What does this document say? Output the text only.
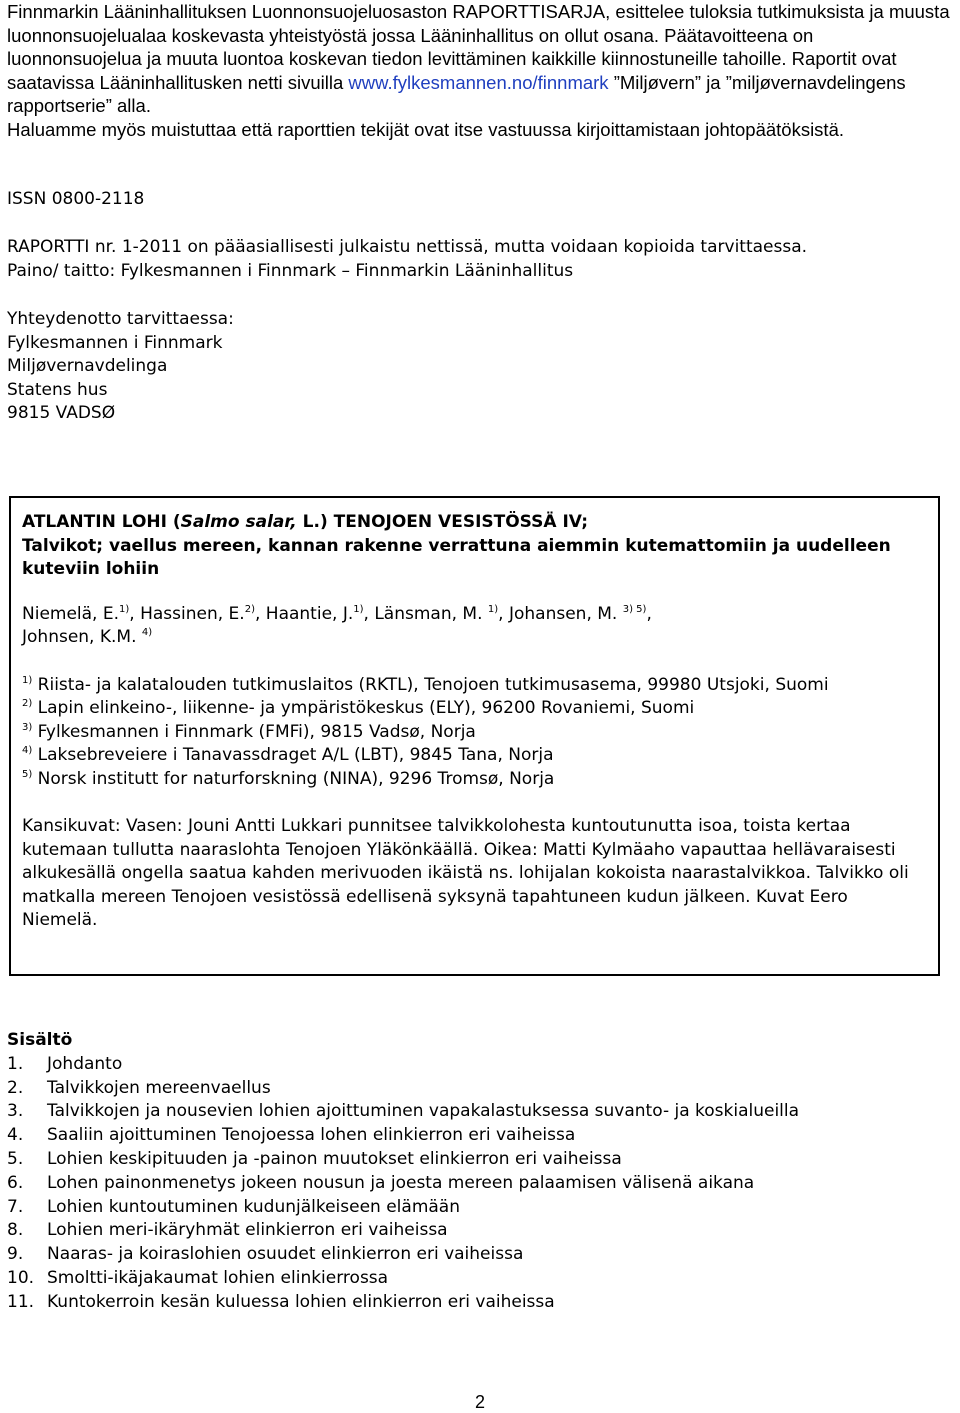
Finnmarkin Lääninhallituksen Luonnonsuojeluosaston RAPORTTISARJA, esittelee tuloksia tutkimuksista ja muusta luonnonsuojelualaa koskevasta yhteistyöstä jossa Lääninhallitus on ollut osana. Päätavoitteena on luonnonsuojelua ja muuta luontoa koskevan tiedon levittäminen kaikkille kiinnostuneille tahoille. Raportit ovat saatavissa Lääninhallitusken netti sivuilla www.fylkesmannen.no/finnmark ”Miljøvern” ja ”miljøvernavdelingens rapportserie” alla.

Haluamme myös muistuttaa että raporttien tekijät ovat itse vastuussa kirjoittamistaan johtopäätöksistä.

ISSN 0800-2118

RAPORTTI nr. 1-2011 on pääasiallisesti julkaistu nettissä, mutta voidaan kopioida tarvittaessa.

Paino/ taitto: Fylkesmannen i Finnmark – Finnmarkin Lääninhallitus

Yhteydenotto tarvittaessa:

Fylkesmannen i Finnmark

Miljøvernavdelinga

Statens hus

9815 VADSØ

ATLANTIN LOHI (Salmo salar, L.) TENOJOEN VESISTÖSSÄ IV;

Talvikot; vaellus mereen, kannan rakenne verrattuna aiemmin kutemattomiin ja uudelleen kuteviin lohiin

Niemelä, E.$^{1)}$, Hassinen, E.$^{2)}$, Haantie, J.$^{1)}$, Länsman, M. $^{1)}$, Johansen, M. $^{3) 5)}$,
Johnsen, K.M. $^{4)}$

$^{1)}$ Riista- ja kalatalouden tutkimuslaitos (RKTL), Tenojoen tutkimusasema, 99980 Utsjoki, Suomi

$^{2)}$ Lapin elinkeino-, liikenne- ja ympäristökeskus (ELY), 96200 Rovaniemi, Suomi

$^{3)}$ Fylkesmannen i Finnmark (FMFi), 9815 Vadsø, Norja

$^{4)}$ Laksebreveiere i Tanavassdraget A/L (LBT), 9845 Tana, Norja

$^{5)}$ Norsk institutt for naturforskning (NINA), 9296 Tromsø, Norja

Kansikuvat: Vasen: Jouni Antti Lukkari punnitsee talvikkolohesta kuntoutunutta isoa, toista kertaa kutemaan tullutta naaraslohta Tenojoen Yläkönkäällä. Oikea: Matti Kylmäaho vapauttaa hellävaraisesti alkukesällä ongella saatua kahden merivuoden ikäistä ns. lohijalan kokoista naarastalvikkoa. Talvikko oli matkalla mereen Tenojoen vesistössä edellisenä syksynä tapahtuneen kudun jälkeen. Kuvat Eero Niemelä.

Sisältö

1.	Johdanto
2.	Talvikkojen mereenvaellus
3.	Talvikkojen ja nousevien lohien ajoittuminen vapakalastuksessa suvanto- ja koskialueilla
4.	Saaliin ajoittuminen Tenojoessa lohen elinkierron eri vaiheissa
5.	Lohien keskipituuden ja -painon muutokset elinkierron eri vaiheissa
6.	Lohen painonmenetys jokeen nousun ja joesta mereen palaamisen välisenä aikana
7.	Lohien kuntoutuminen kudunjälkeiseen elämään
8.	Lohien meri-ikäryhmät elinkierron eri vaiheissa
9.	Naaras- ja koiraslohien osuudet elinkierron eri vaiheissa
10. Smoltti-ikäjakaumat lohien elinkierrossa
11. Kuntokerroin kesän kuluessa lohien elinkierron eri vaiheissa
2
